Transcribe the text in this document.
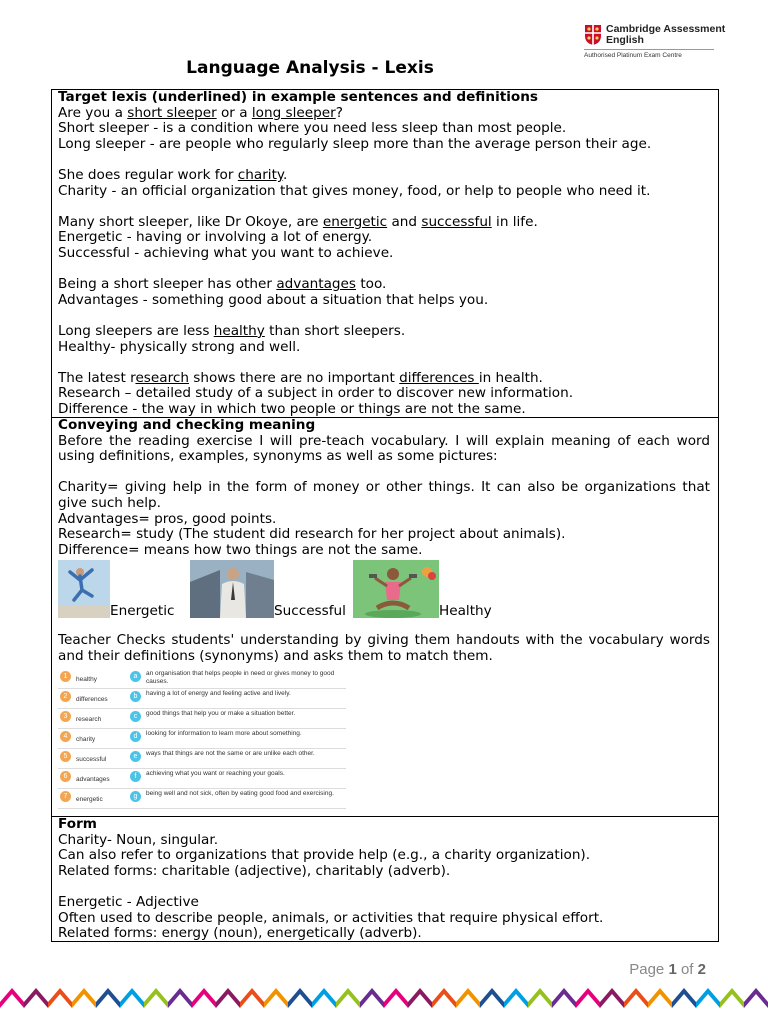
Cambridge Assessment
English
Authorised Platinum Exam Centre
Language Analysis - Lexis
Target lexis (underlined) in example sentences and definitions
Are you a short sleeper or a long sleeper?
Short sleeper - is a condition where you need less sleep than most people.
Long sleeper - are people who regularly sleep more than the average person their age.
She does regular work for charity.
Charity - an official organization that gives money, food, or help to people who need it.
Many short sleeper, like Dr Okoye, are energetic and successful in life.
Energetic - having or involving a lot of energy.
Successful - achieving what you want to achieve.
Being a short sleeper has other advantages too.
Advantages - something good about a situation that helps you.
Long sleepers are less healthy than short sleepers.
Healthy- physically strong and well.
The latest research shows there are no important differences in health.
Research – detailed study of a subject in order to discover new information.
Difference - the way in which two people or things are not the same.
Conveying and checking meaning
Before the reading exercise I will pre-teach vocabulary. I will explain meaning of each word using definitions, examples, synonyms as well as some pictures:
Charity= giving help in the form of money or other things. It can also be organizations that give such help.
Advantages= pros, good points.
Research= study (The student did research for her project about animals).
Difference= means how two things are not the same.
Energetic	Successful	Healthy
Teacher Checks students' understanding by giving them handouts with the vocabulary words and their definitions (synonyms) and asks them to match them.
1	healthy	a	an organisation that helps people in need or gives money to good causes.
2	differences	b	having a lot of energy and feeling active and lively.
3	research	c	good things that help you or make a situation better.
4	charity	d	looking for information to learn more about something.
5	successful	e	ways that things are not the same or are unlike each other.
6	advantages	f	achieving what you want or reaching your goals.
7	energetic	g	being well and not sick, often by eating good food and exercising.
Form
Charity- Noun, singular.
Can also refer to organizations that provide help (e.g., a charity organization).
Related forms: charitable (adjective), charitably (adverb).
Energetic - Adjective
Often used to describe people, animals, or activities that require physical effort.
Related forms: energy (noun), energetically (adverb).
Page 1 of 2
